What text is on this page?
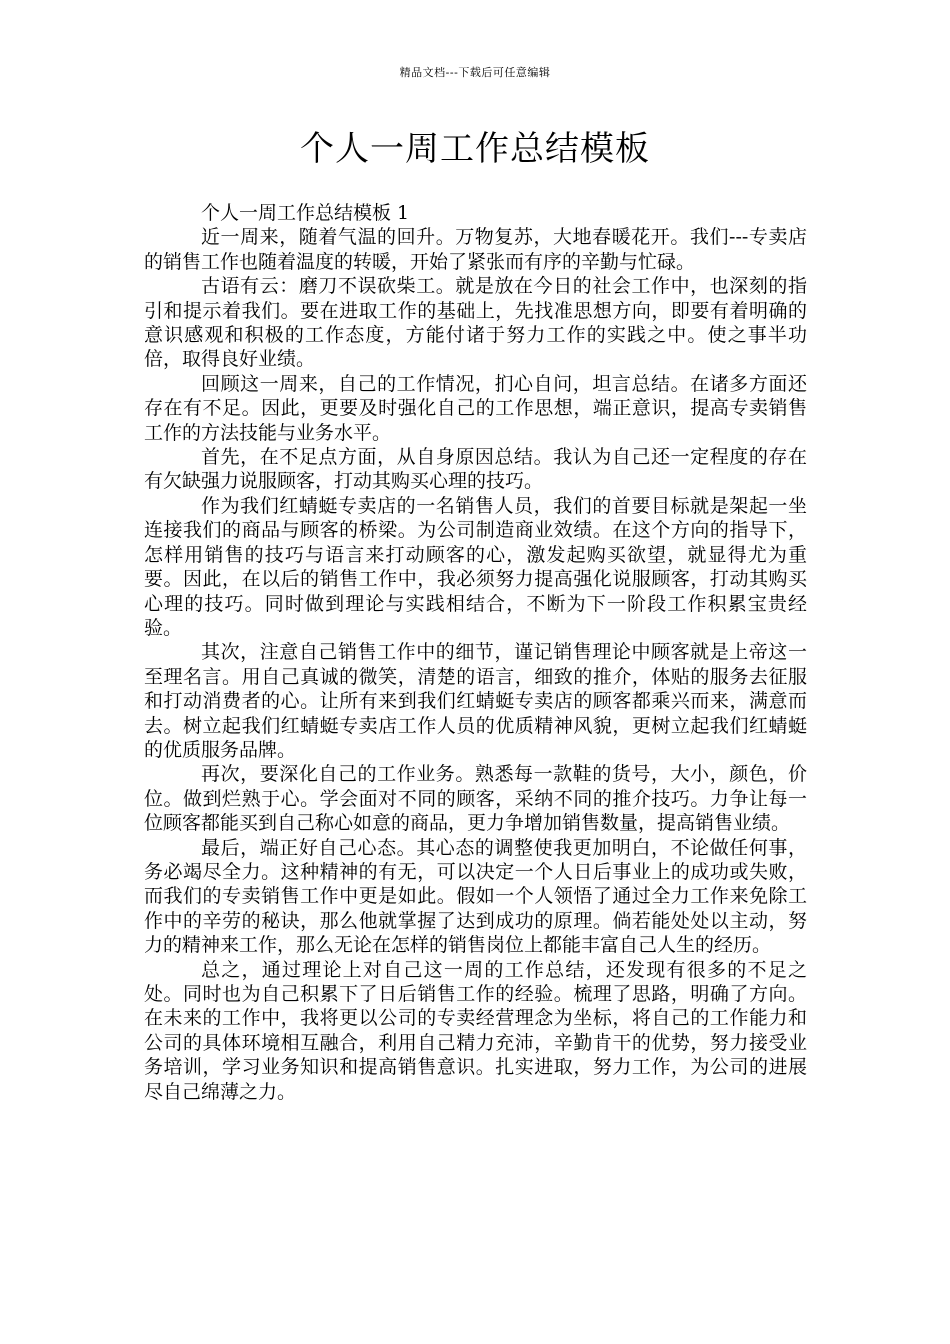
精品文档---下载后可任意编辑
个人一周工作总结模板

个人一周工作总结模板 1

近一周来，随着气温的回升。万物复苏，大地春暖花开。我们---专卖店的销售工作也随着温度的转暖，开始了紧张而有序的辛勤与忙碌。

古语有云：磨刀不误砍柴工。就是放在今日的社会工作中，也深刻的指引和提示着我们。要在进取工作的基础上，先找准思想方向，即要有着明确的意识感观和积极的工作态度，方能付诸于努力工作的实践之中。使之事半功倍，取得良好业绩。

回顾这一周来，自己的工作情况，扪心自问，坦言总结。在诸多方面还存在有不足。因此，更要及时强化自己的工作思想，端正意识，提高专卖销售工作的方法技能与业务水平。

首先，在不足点方面，从自身原因总结。我认为自己还一定程度的存在有欠缺强力说服顾客，打动其购买心理的技巧。

作为我们红蜻蜓专卖店的一名销售人员，我们的首要目标就是架起一坐连接我们的商品与顾客的桥梁。为公司制造商业效绩。在这个方向的指导下，怎样用销售的技巧与语言来打动顾客的心，激发起购买欲望，就显得尤为重要。因此，在以后的销售工作中，我必须努力提高强化说服顾客，打动其购买心理的技巧。同时做到理论与实践相结合，不断为下一阶段工作积累宝贵经验。

其次，注意自己销售工作中的细节，谨记销售理论中顾客就是上帝这一至理名言。用自己真诚的微笑，清楚的语言，细致的推介，体贴的服务去征服和打动消费者的心。让所有来到我们红蜻蜓专卖店的顾客都乘兴而来，满意而去。树立起我们红蜻蜓专卖店工作人员的优质精神风貌，更树立起我们红蜻蜓的优质服务品牌。

再次，要深化自己的工作业务。熟悉每一款鞋的货号，大小，颜色，价位。做到烂熟于心。学会面对不同的顾客，采纳不同的推介技巧。力争让每一位顾客都能买到自己称心如意的商品，更力争增加销售数量，提高销售业绩。

最后，端正好自己心态。其心态的调整使我更加明白，不论做任何事，务必竭尽全力。这种精神的有无，可以决定一个人日后事业上的成功或失败，而我们的专卖销售工作中更是如此。假如一个人领悟了通过全力工作来免除工作中的辛劳的秘诀，那么他就掌握了达到成功的原理。倘若能处处以主动，努力的精神来工作，那么无论在怎样的销售岗位上都能丰富自己人生的经历。

总之，通过理论上对自己这一周的工作总结，还发现有很多的不足之处。同时也为自己积累下了日后销售工作的经验。梳理了思路，明确了方向。在未来的工作中，我将更以公司的专卖经营理念为坐标，将自己的工作能力和公司的具体环境相互融合，利用自己精力充沛，辛勤肯干的优势，努力接受业务培训，学习业务知识和提高销售意识。扎实进取，努力工作，为公司的进展尽自己绵薄之力。
